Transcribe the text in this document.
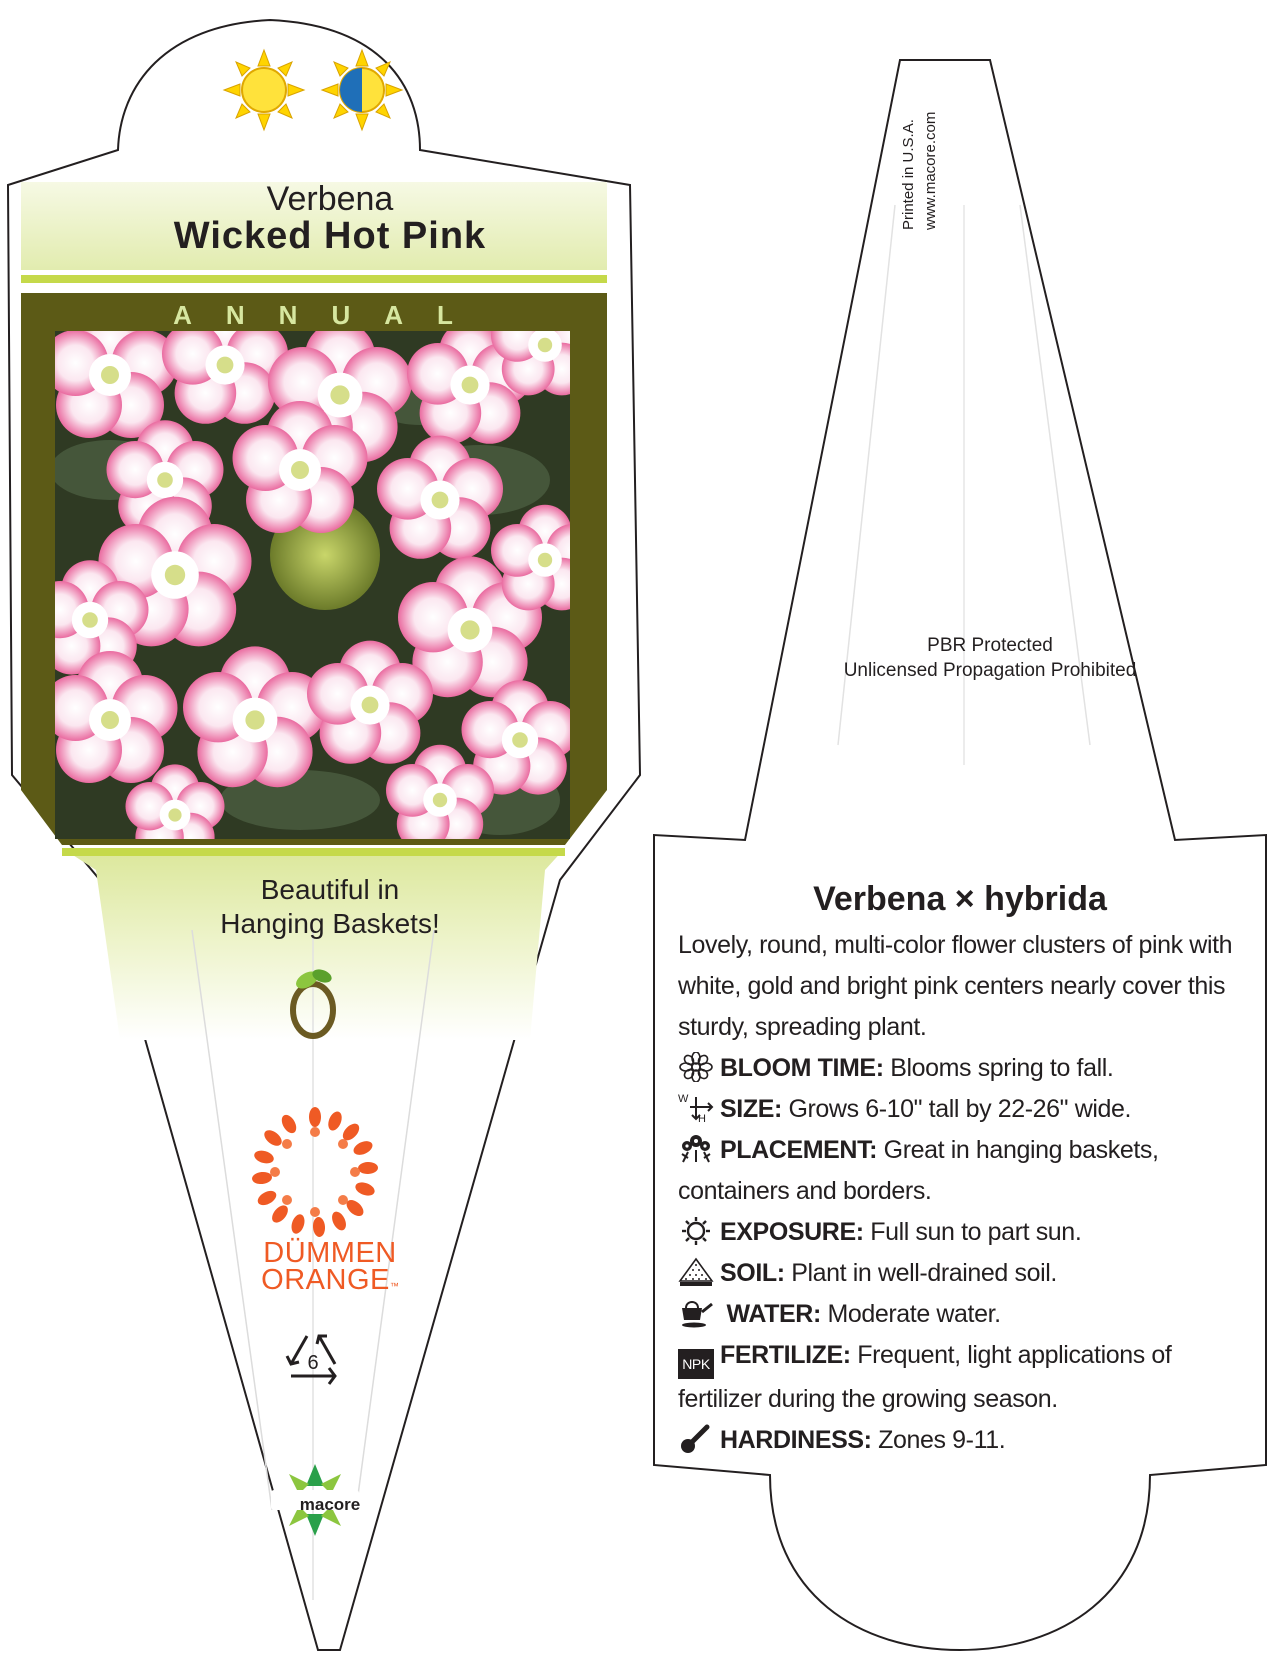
Verbena
Wicked Hot Pink
ANNUAL
Beautiful in
Hanging Baskets!
DÜMMEN
ORANGE™
6
macore
Printed in U.S.A. www.macore.com
PBR Protected
Unlicensed Propagation Prohibited
Verbena × hybrida

Lovely, round, multi-color flower clusters of pink with white, gold and bright pink centers nearly cover this sturdy, spreading plant.

BLOOM TIME: Blooms spring to fall.
W
H SIZE: Grows 6-10" tall by 22-26" wide.
PLACEMENT: Great in hanging baskets, containers and borders.
EXPOSURE: Full sun to part sun.
SOIL: Plant in well-drained soil.
WATER: Moderate water.
NPK FERTILIZE: Frequent, light applications of fertilizer during the growing season.
HARDINESS: Zones 9-11.
